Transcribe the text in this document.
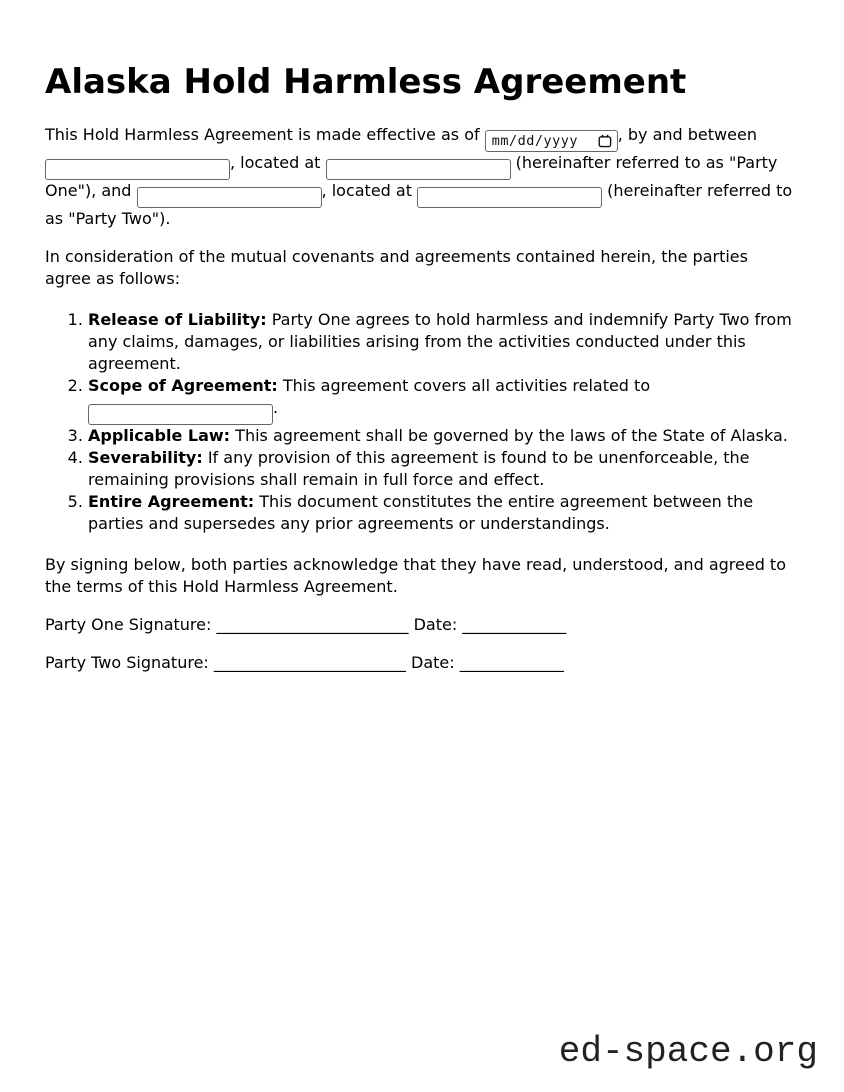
Alaska Hold Harmless Agreement

This Hold Harmless Agreement is made effective as of mm/dd/yyyy , by and between , located at	(hereinafter referred to as "Party One"), and	, located at	(hereinafter referred to as "Party Two").

In consideration of the mutual covenants and agreements contained herein, the parties agree as follows:

1. Release of Liability: Party One agrees to hold harmless and indemnify Party Two from any claims, damages, or liabilities arising from the activities conducted under this agreement.
2. Scope of Agreement: This agreement covers all activities related to .
3. Applicable Law: This agreement shall be governed by the laws of the State of Alaska.
4. Severability: If any provision of this agreement is found to be unenforceable, the remaining provisions shall remain in full force and effect.
5. Entire Agreement: This document constitutes the entire agreement between the parties and supersedes any prior agreements or understandings.

By signing below, both parties acknowledge that they have read, understood, and agreed to the terms of this Hold Harmless Agreement.

Party One Signature: ________________________ Date: _____________

Party Two Signature: ________________________ Date: _____________

ed-space.org
